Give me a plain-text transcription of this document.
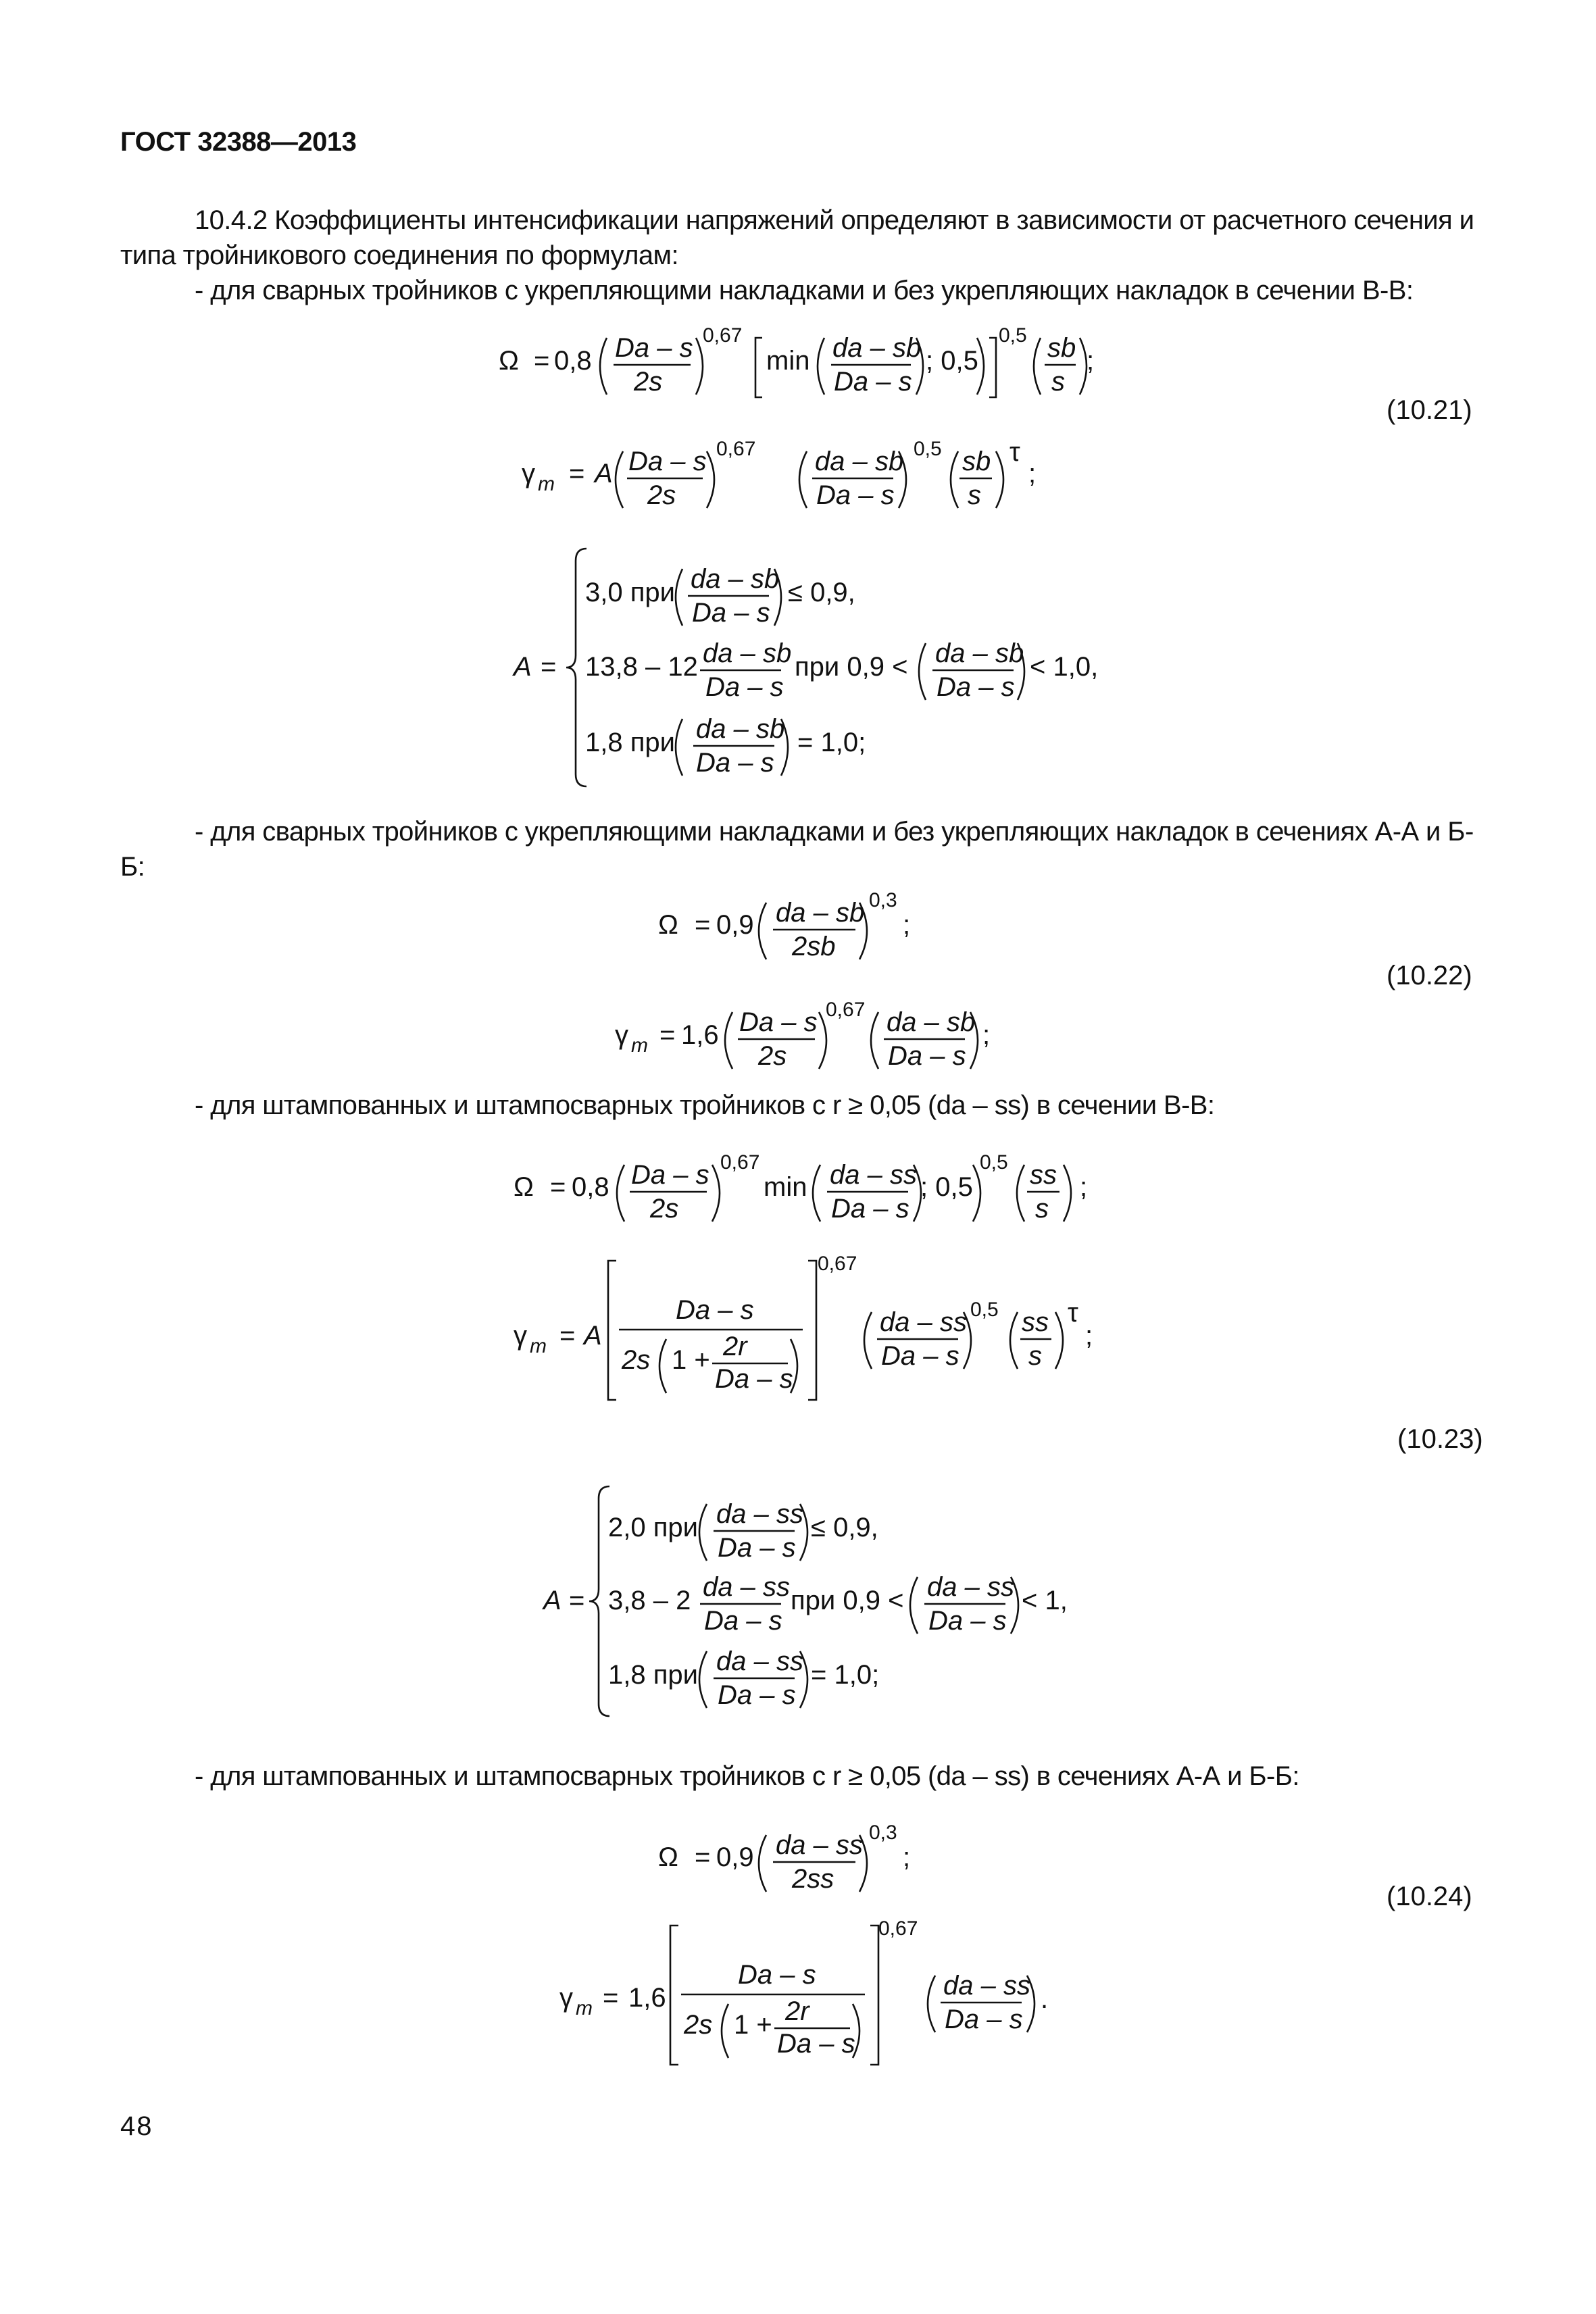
ГОСТ 32388—2013
10.4.2 Коэффициенты интенсификации напряжений определяют в зависимости от расчетного сечения и типа тройникового соединения по формулам:
- для сварных тройников с укрепляющими накладками и без укрепляющих накладок в сечении В-В:
- для сварных тройников с укрепляющими накладками и без укрепляющих накладок в сечениях А-А и Б-Б:
- для штампованных и штампосварных тройников с r ≥ 0,05 (da – ss) в сечении В-В:
- для штампованных и штампосварных тройников с r ≥ 0,05 (da – ss) в сечениях А-А и Б-Б:
(10.21)
(10.22)
(10.23)
(10.24)
Ω = 0,8 Da – s
2s
0,67
min da – sb
Da – s
; 0,5
0,5 sb
s
;
γ m = A Da – s
2s
0,67 da – sb
Da – s
0,5 sb
s
τ
;
A =
3,0 при da – sb
Da – s
≤ 0,9,
13,8 – 12 da – sb
Da – s
при 0,9 < da – sb
Da – s
< 1,0,
1,8 при da – sb
Da – s
= 1,0;
Ω = 0,9 da – sb
2sb
0,3
;
γ m = 1,6 Da – s
2s
0,67 da – sb
Da – s
;
Ω = 0,8 Da – s
2s
0,67
min da – ss
Da – s
; 0,5
0,5 ss
s
;
γ m = A
Da – s
2s 1 + 2r
Da – s
0,67
da – ss
Da – s
0,5 ss
s
τ
;
A =
2,0 при da – ss
Da – s
≤ 0,9,
3,8 – 2 da – ss
Da – s
при 0,9 < da – ss
Da – s
< 1,
1,8 при da – ss
Da – s
= 1,0;
Ω = 0,9 da – ss
2ss
0,3
;
γ m = 1,6
Da – s
2s 1 + 2r
Da – s
0,67
da – ss
Da – s
.
48
